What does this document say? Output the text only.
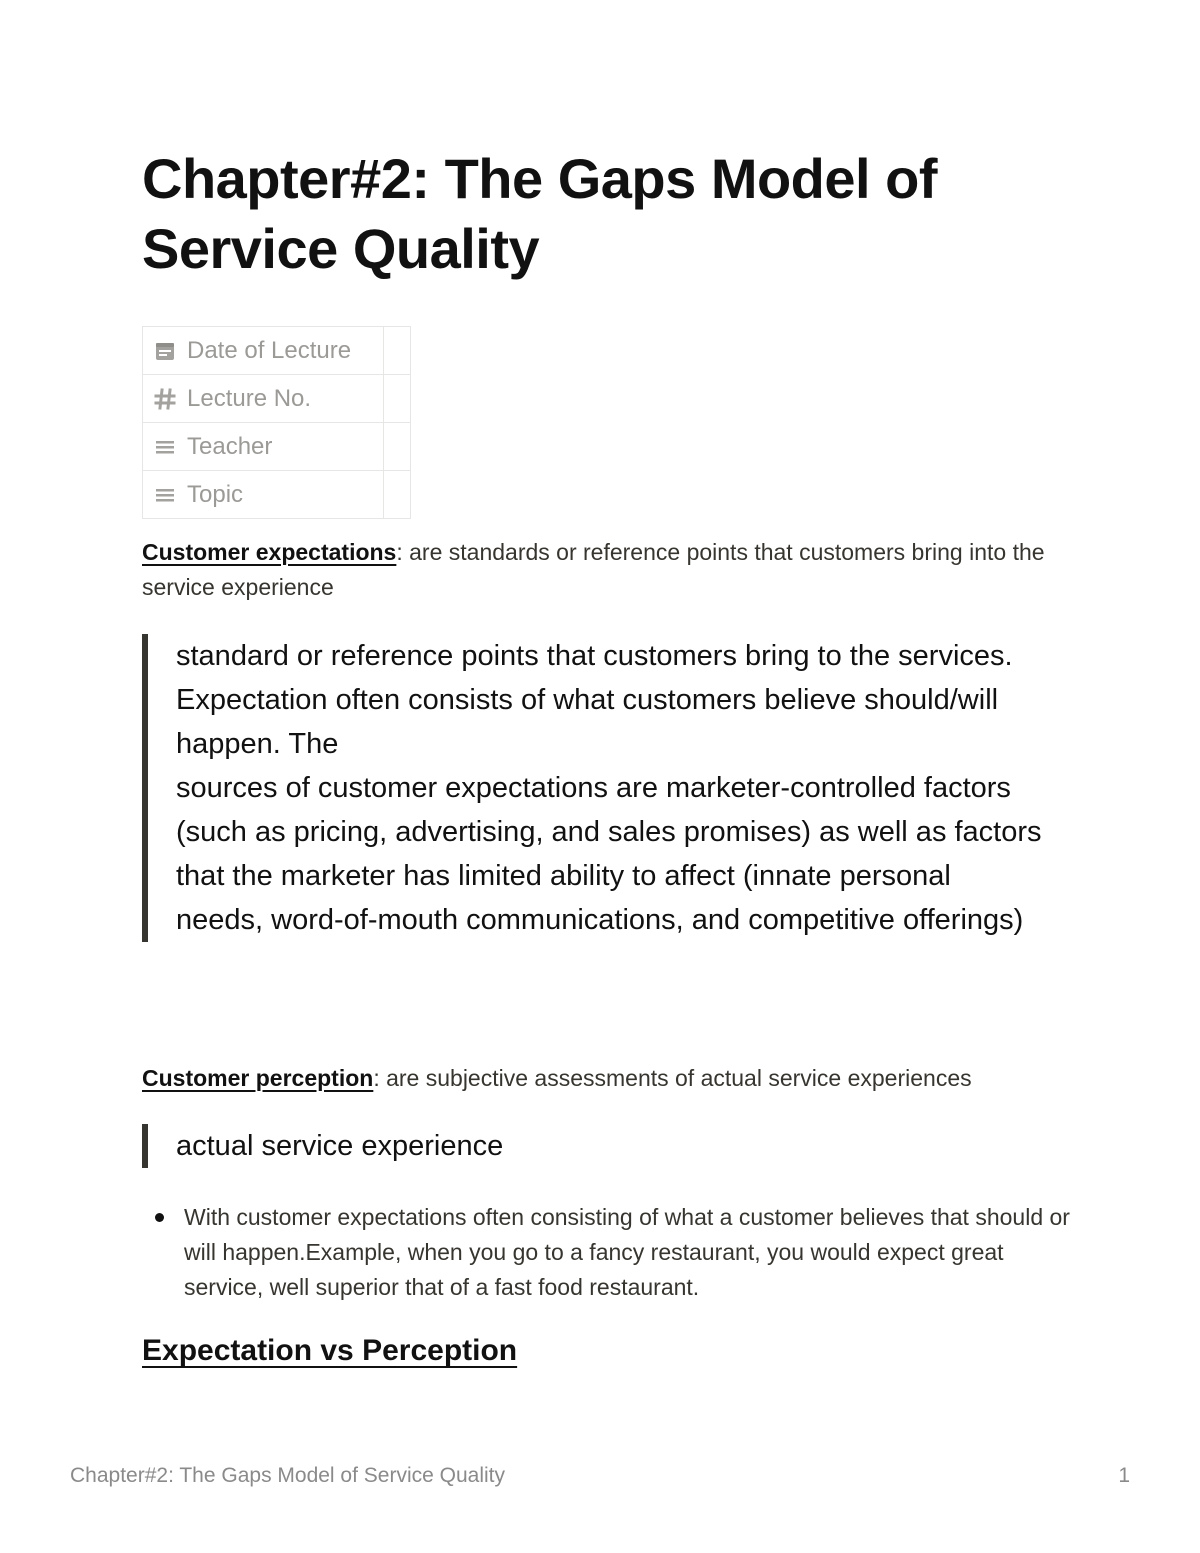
Chapter#2: The Gaps Model of Service Quality
Date of Lecture	

Lecture No.	

Teacher	

Topic	

Customer expectations: are standards or reference points that customers bring into the service experience

standard or reference points that customers bring to the services.

Expectation often consists of what customers believe should/will happen. The

sources of customer expectations are marketer-controlled factors (such as pricing, advertising, and sales promises) as well as factors that the marketer has limited ability to affect (innate personal needs, word-of-mouth communications, and competitive offerings)

Customer perception: are subjective assessments of actual service experiences

actual service experience

With customer expectations often consisting of what a customer believes that should or will happen.Example, when you go to a fancy restaurant, you would expect great service, well superior that of a fast food restaurant.
Expectation vs Perception
Chapter#2: The Gaps Model of Service Quality	1
